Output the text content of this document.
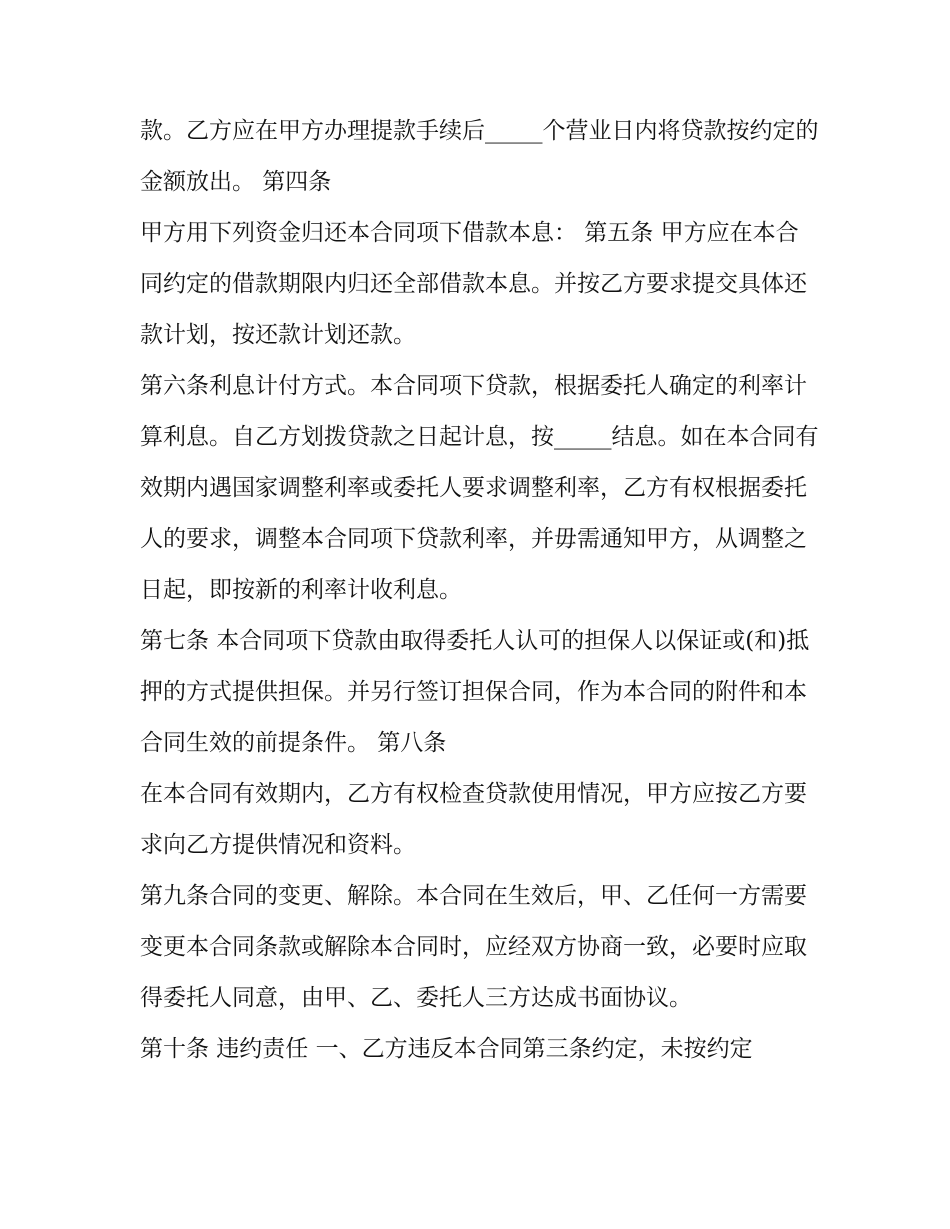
款。乙方应在甲方办理提款手续后_____个营业日内将贷款按约定的金额放出。 第四条

甲方用下列资金归还本合同项下借款本息： 第五条 甲方应在本合同约定的借款期限内归还全部借款本息。并按乙方要求提交具体还款计划，按还款计划还款。

第六条利息计付方式。本合同项下贷款，根据委托人确定的利率计算利息。自乙方划拨贷款之日起计息，按_____结息。如在本合同有效期内遇国家调整利率或委托人要求调整利率，乙方有权根据委托人的要求，调整本合同项下贷款利率，并毋需通知甲方，从调整之日起，即按新的利率计收利息。

第七条 本合同项下贷款由取得委托人认可的担保人以保证或(和)抵押的方式提供担保。并另行签订担保合同，作为本合同的附件和本合同生效的前提条件。 第八条

在本合同有效期内，乙方有权检查贷款使用情况，甲方应按乙方要求向乙方提供情况和资料。

第九条合同的变更、解除。本合同在生效后，甲、乙任何一方需要变更本合同条款或解除本合同时，应经双方协商一致，必要时应取得委托人同意，由甲、乙、委托人三方达成书面协议。

第十条 违约责任 一、乙方违反本合同第三条约定，未按约定
